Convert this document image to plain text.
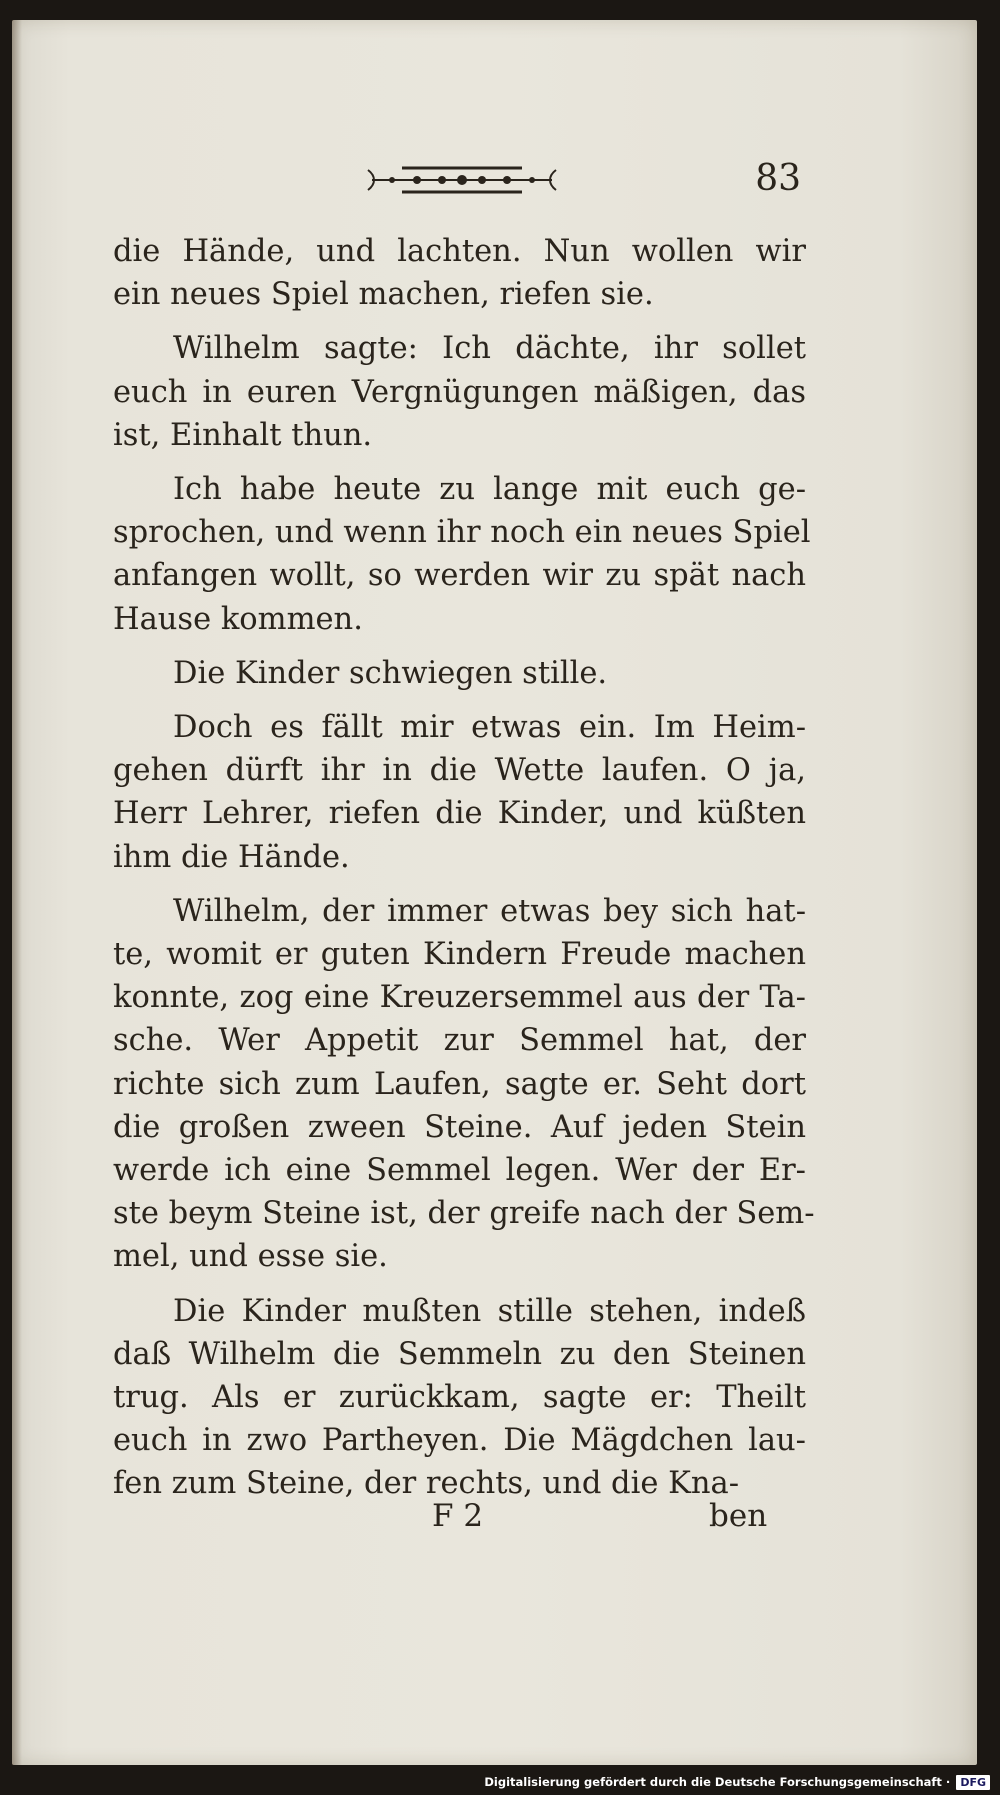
83

die Hände, und lachten. Nun wollen wir
ein neues Spiel machen, riefen sie.

Wilhelm sagte: Ich dächte, ihr sollet
euch in euren Vergnügungen mäßigen, das
ist, Einhalt thun.

Ich habe heute zu lange mit euch ge-
sprochen, und wenn ihr noch ein neues Spiel
anfangen wollt, so werden wir zu spät nach
Hause kommen.

Die Kinder schwiegen stille.

Doch es fällt mir etwas ein. Im Heim-
gehen dürft ihr in die Wette laufen. O ja,
Herr Lehrer, riefen die Kinder, und küßten
ihm die Hände.

Wilhelm, der immer etwas bey sich hat-
te, womit er guten Kindern Freude machen
konnte, zog eine Kreuzersemmel aus der Ta-
sche. Wer Appetit zur Semmel hat, der
richte sich zum Laufen, sagte er. Seht dort
die großen zween Steine. Auf jeden Stein
werde ich eine Semmel legen. Wer der Er-
ste beym Steine ist, der greife nach der Sem-
mel, und esse sie.

Die Kinder mußten stille stehen, indeß
daß Wilhelm die Semmeln zu den Steinen
trug. Als er zurückkam, sagte er: Theilt
euch in zwo Partheyen. Die Mägdchen lau-
fen zum Steine, der rechts, und die Kna-

F 2	ben
Digitalisierung gefördert durch die Deutsche Forschungsgemeinschaft · DFG
